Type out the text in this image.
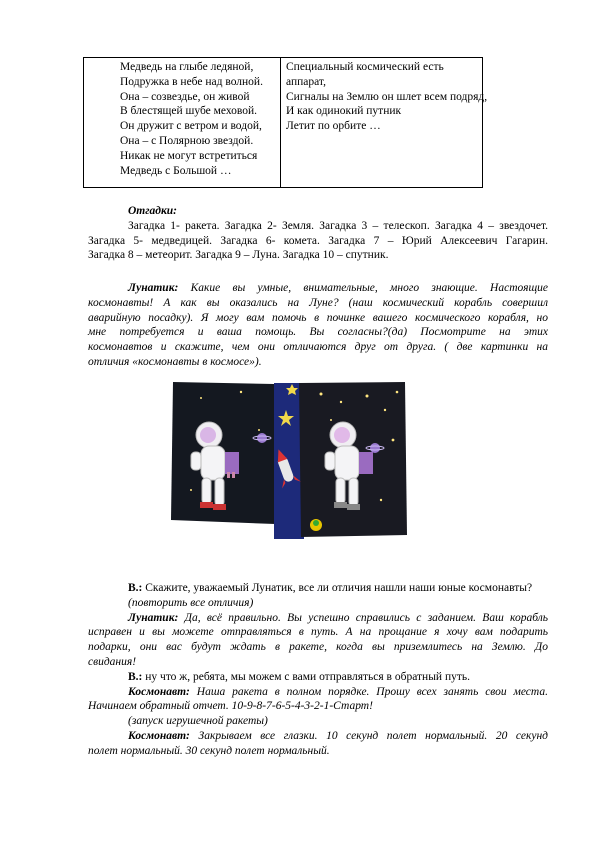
Медведь на глыбе ледяной,
Подружка в небе над волной.
Она – созвездье, он живой
В блестящей шубе меховой.
Он дружит с ветром и водой,
Она – с Полярною звездой.
Никак не могут встретиться
Медведь с Большой …
Специальный космический есть
аппарат,
Сигналы на Землю он шлет всем подряд,
И как одинокий путник
Летит по орбите …
Отгадки:
Загадка 1- ракета. Загадка 2- Земля. Загадка 3 – телескоп. Загадка 4 – звездочет.
Загадка 5- медведицей. Загадка 6- комета. Загадка 7 – Юрий Алексеевич Гагарин.
Загадка 8 – метеорит. Загадка 9 – Луна. Загадка 10 – спутник.
Лунатик: Какие вы умные, внимательные, много знающие. Настоящие
космонавты! А как вы оказались на Луне? (наш космический корабль совершил
аварийную посадку). Я могу вам помочь в починке вашего космического корабля, но
мне потребуется и ваша помощь. Вы согласны?(да) Посмотрите на этих
космонавтов и скажите, чем они отличаются друг от друга. ( две картинки на
отличия «космонавты в космосе»).
В.: Скажите, уважаемый Лунатик, все ли отличия нашли наши юные космонавты?
(повторить все отличия)
Лунатик: Да, всё правильно. Вы успешно справились с заданием. Ваш корабль
исправен и вы можете отправляться в путь. А на прощание я хочу вам подарить
подарки, они вас будут ждать в ракете, когда вы приземлитесь на Землю. До
свидания!
В.: ну что ж, ребята, мы можем с вами отправляться в обратный путь.
Космонавт: Наша ракета в полном порядке. Прошу всех занять свои места.
Начинаем обратный отчет. 10-9-8-7-6-5-4-3-2-1-Старт!
(запуск игрушечной ракеты)
Космонавт: Закрываем все глазки. 10 секунд полет нормальный. 20 секунд
полет нормальный. 30 секунд полет нормальный.
